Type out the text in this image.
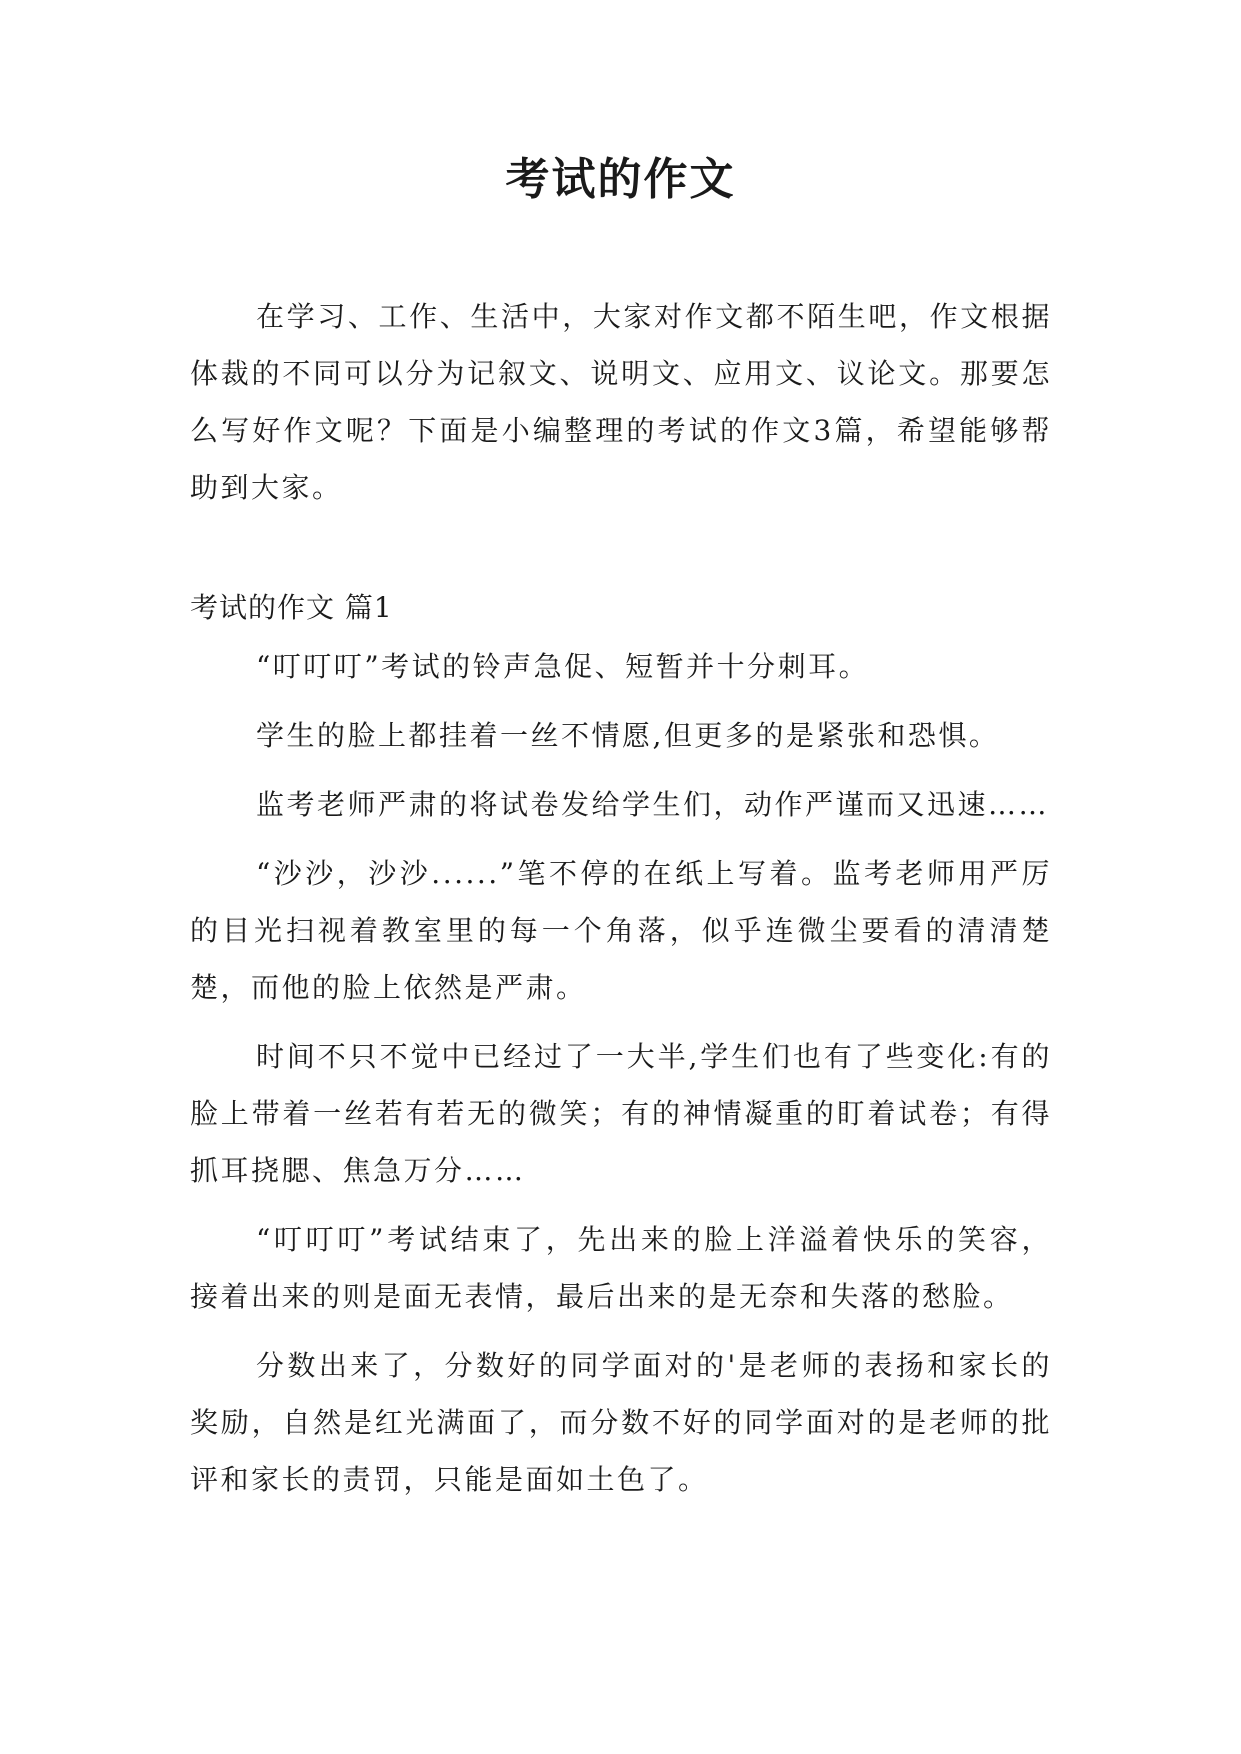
考试的作文

在学习、工作、生活中，大家对作文都不陌生吧，作文根据体裁的不同可以分为记叙文、说明文、应用文、议论文。那要怎么写好作文呢？下面是小编整理的考试的作文3篇，希望能够帮助到大家。

考试的作文 篇1

“叮叮叮”考试的铃声急促、短暂并十分刺耳。

学生的脸上都挂着一丝不情愿,但更多的是紧张和恐惧。

监考老师严肃的将试卷发给学生们，动作严谨而又迅速……

“沙沙，沙沙......”笔不停的在纸上写着。监考老师用严厉的目光扫视着教室里的每一个角落，似乎连微尘要看的清清楚楚，而他的脸上依然是严肃。

时间不只不觉中已经过了一大半,学生们也有了些变化:有的脸上带着一丝若有若无的微笑；有的神情凝重的盯着试卷；有得抓耳挠腮、焦急万分……

“叮叮叮”考试结束了，先出来的脸上洋溢着快乐的笑容，接着出来的则是面无表情，最后出来的是无奈和失落的愁脸。

分数出来了，分数好的同学面对的'是老师的表扬和家长的奖励，自然是红光满面了，而分数不好的同学面对的是老师的批评和家长的责罚，只能是面如土色了。
